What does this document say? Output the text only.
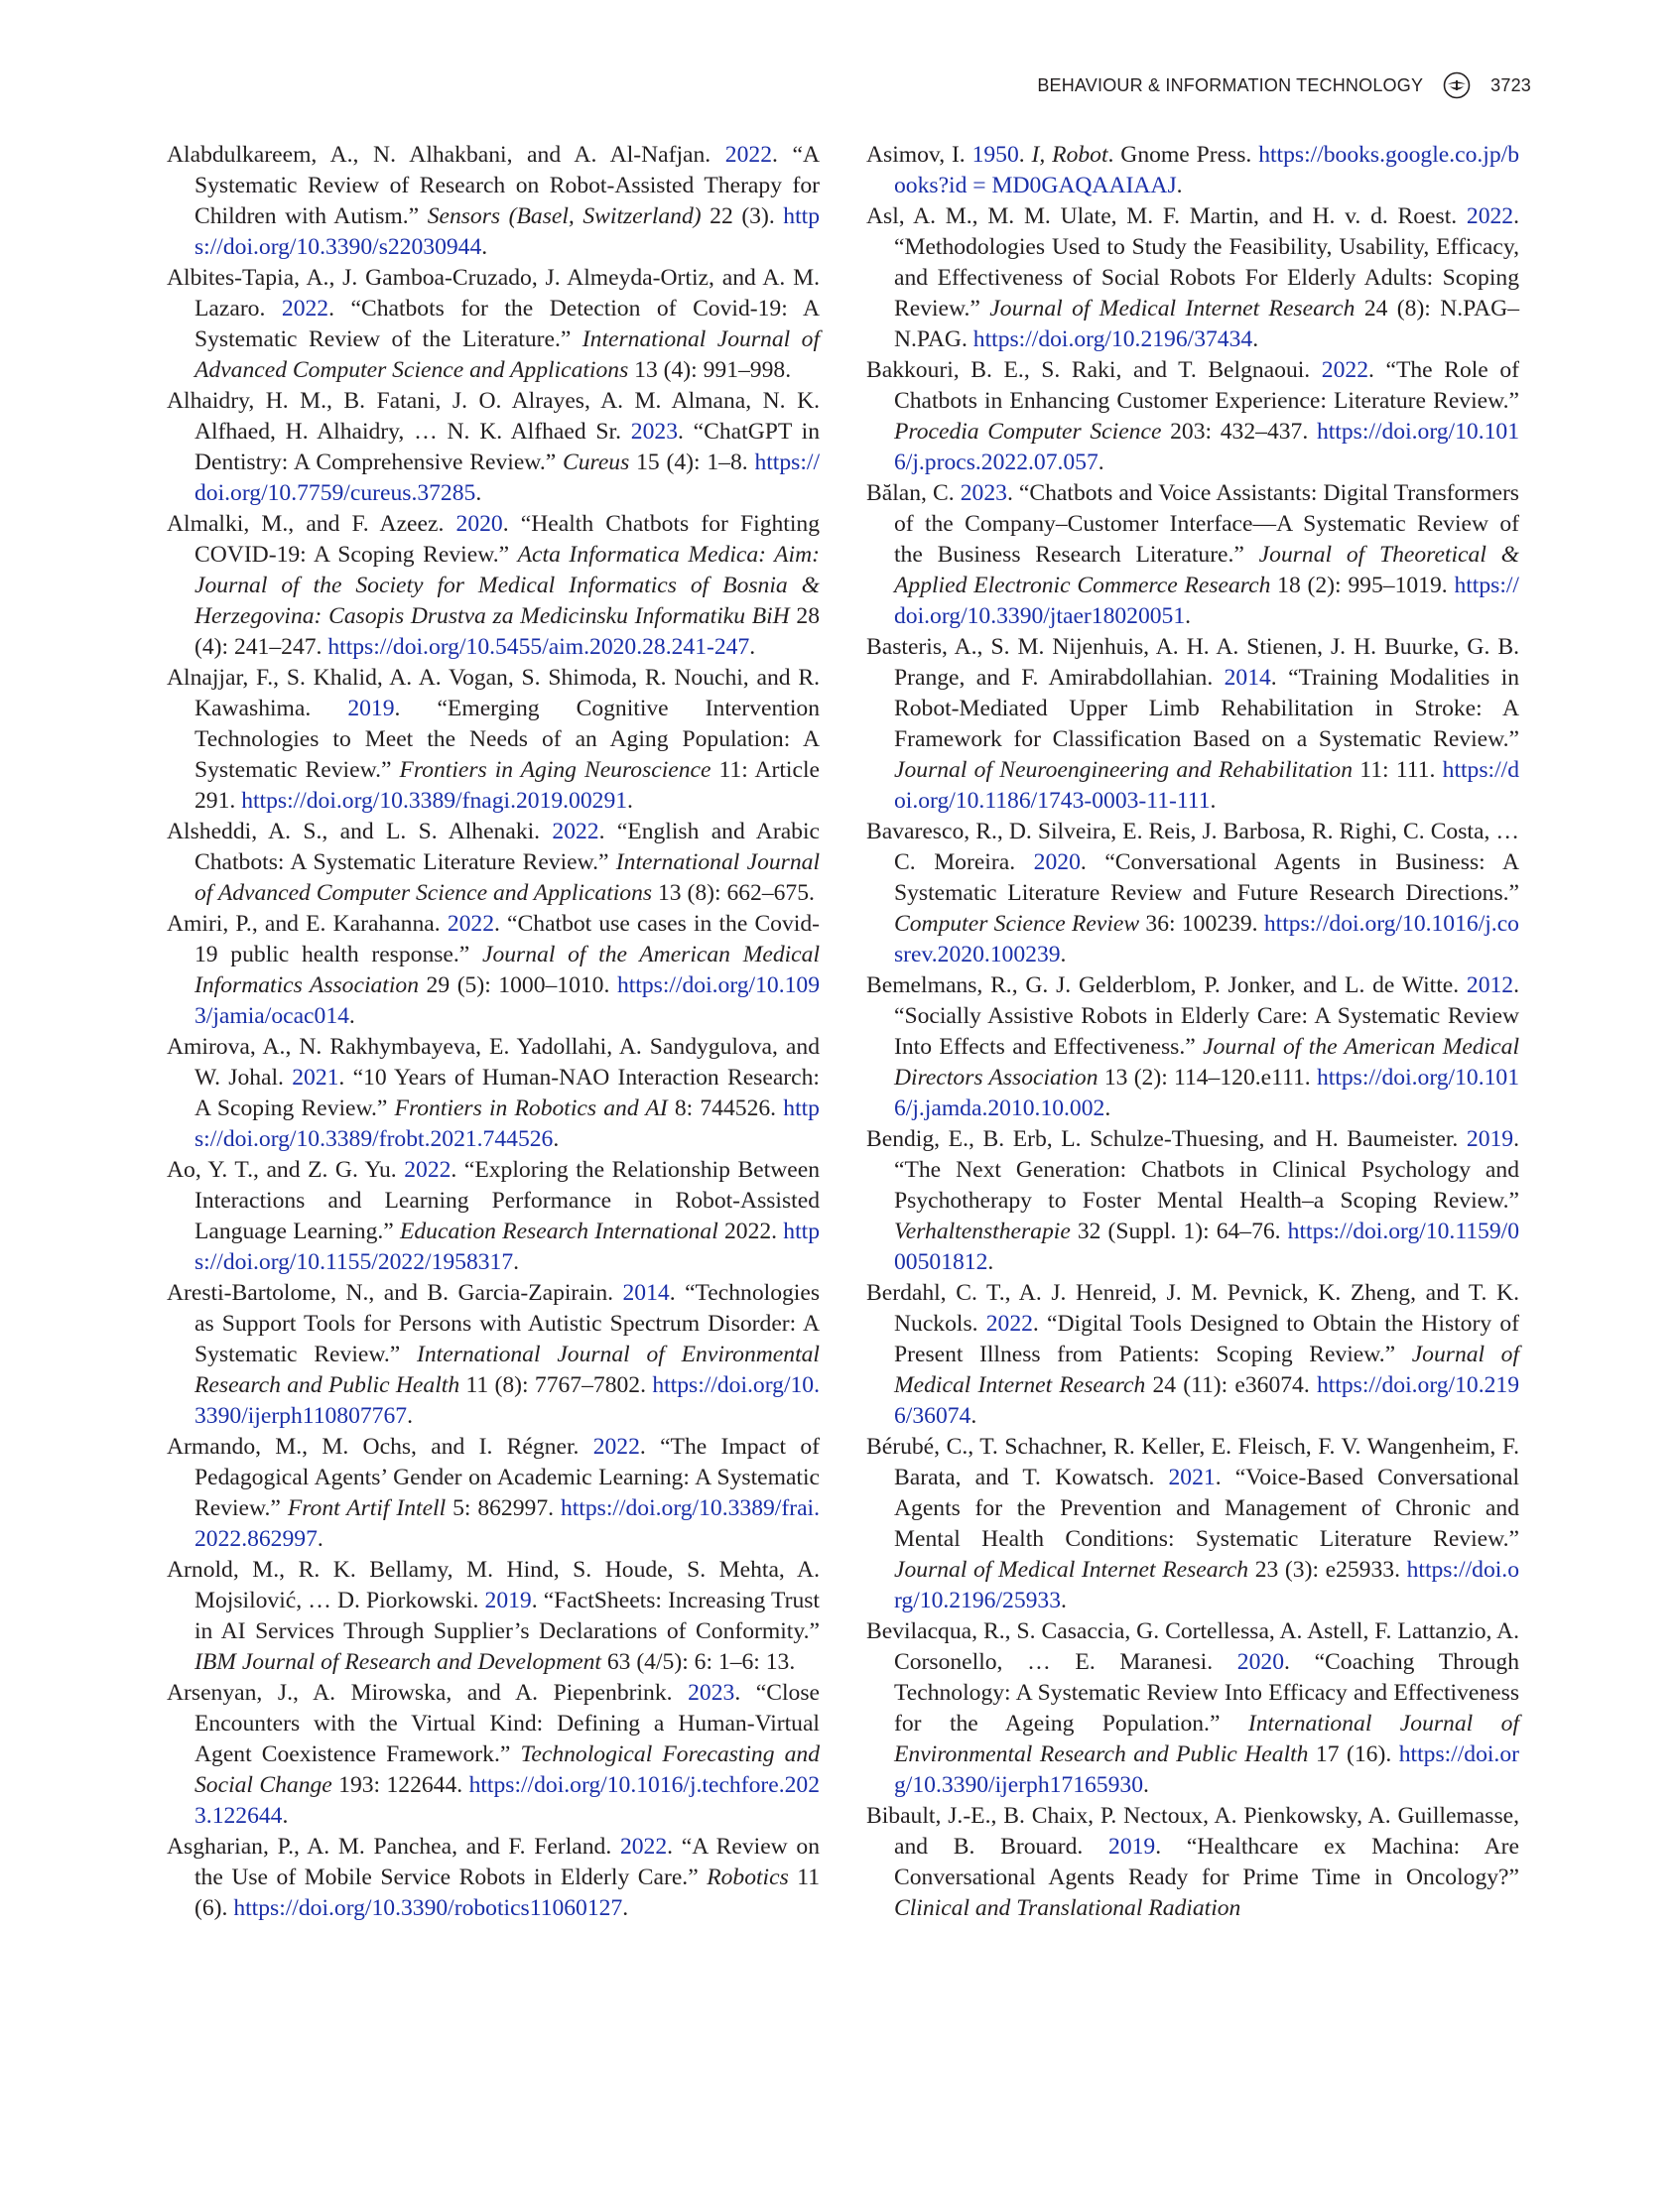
BEHAVIOUR & INFORMATION TECHNOLOGY	3723

Alabdulkareem, A., N. Alhakbani, and A. Al-Nafjan. 2022. “A Systematic Review of Research on Robot-Assisted Therapy for Children with Autism.” Sensors (Basel, Switzerland) 22 (3). https://doi.org/10.3390/s22030944.

Albites-Tapia, A., J. Gamboa-Cruzado, J. Almeyda-Ortiz, and A. M. Lazaro. 2022. “Chatbots for the Detection of Covid-19: A Systematic Review of the Literature.” International Journal of Advanced Computer Science and Applications 13 (4): 991–998.

Alhaidry, H. M., B. Fatani, J. O. Alrayes, A. M. Almana, N. K. Alfhaed, H. Alhaidry, … N. K. Alfhaed Sr. 2023. “ChatGPT in Dentistry: A Comprehensive Review.” Cureus 15 (4): 1–8. https://doi.org/10.7759/cureus.37285.

Almalki, M., and F. Azeez. 2020. “Health Chatbots for Fighting COVID-19: A Scoping Review.” Acta Informatica Medica: Aim: Journal of the Society for Medical Informatics of Bosnia & Herzegovina: Casopis Drustva za Medicinsku Informatiku BiH 28 (4): 241–247. https://doi.org/10.5455/aim.2020.28.241-247.

Alnajjar, F., S. Khalid, A. A. Vogan, S. Shimoda, R. Nouchi, and R. Kawashima. 2019. “Emerging Cognitive Intervention Technologies to Meet the Needs of an Aging Population: A Systematic Review.” Frontiers in Aging Neuroscience 11: Article 291. https://doi.org/10.3389/fnagi.2019.00291.

Alsheddi, A. S., and L. S. Alhenaki. 2022. “English and Arabic Chatbots: A Systematic Literature Review.” International Journal of Advanced Computer Science and Applications 13 (8): 662–675.

Amiri, P., and E. Karahanna. 2022. “Chatbot use cases in the Covid-19 public health response.” Journal of the American Medical Informatics Association 29 (5): 1000–1010. https://doi.org/10.1093/jamia/ocac014.

Amirova, A., N. Rakhymbayeva, E. Yadollahi, A. Sandygulova, and W. Johal. 2021. “10 Years of Human-NAO Interaction Research: A Scoping Review.” Frontiers in Robotics and AI 8: 744526. https://doi.org/10.3389/frobt.2021.744526.

Ao, Y. T., and Z. G. Yu. 2022. “Exploring the Relationship Between Interactions and Learning Performance in Robot-Assisted Language Learning.” Education Research International 2022. https://doi.org/10.1155/2022/1958317.

Aresti-Bartolome, N., and B. Garcia-Zapirain. 2014. “Technologies as Support Tools for Persons with Autistic Spectrum Disorder: A Systematic Review.” International Journal of Environmental Research and Public Health 11 (8): 7767–7802. https://doi.org/10.3390/ijerph110807767.

Armando, M., M. Ochs, and I. Régner. 2022. “The Impact of Pedagogical Agents’ Gender on Academic Learning: A Systematic Review.” Front Artif Intell 5: 862997. https://doi.org/10.3389/frai.2022.862997.

Arnold, M., R. K. Bellamy, M. Hind, S. Houde, S. Mehta, A. Mojsilović, … D. Piorkowski. 2019. “FactSheets: Increasing Trust in AI Services Through Supplier’s Declarations of Conformity.” IBM Journal of Research and Development 63 (4/5): 6: 1–6: 13.

Arsenyan, J., A. Mirowska, and A. Piepenbrink. 2023. “Close Encounters with the Virtual Kind: Defining a Human-Virtual Agent Coexistence Framework.” Technological Forecasting and Social Change 193: 122644. https://doi.org/10.1016/j.techfore.2023.122644.

Asgharian, P., A. M. Panchea, and F. Ferland. 2022. “A Review on the Use of Mobile Service Robots in Elderly Care.” Robotics 11 (6). https://doi.org/10.3390/robotics11060127.

Asimov, I. 1950. I, Robot. Gnome Press. https://books.google.co.jp/books?id = MD0GAQAAIAAJ.

Asl, A. M., M. M. Ulate, M. F. Martin, and H. v. d. Roest. 2022. “Methodologies Used to Study the Feasibility, Usability, Efficacy, and Effectiveness of Social Robots For Elderly Adults: Scoping Review.” Journal of Medical Internet Research 24 (8): N.PAG–N.PAG. https://doi.org/10.2196/37434.

Bakkouri, B. E., S. Raki, and T. Belgnaoui. 2022. “The Role of Chatbots in Enhancing Customer Experience: Literature Review.” Procedia Computer Science 203: 432–437. https://doi.org/10.1016/j.procs.2022.07.057.

Bălan, C. 2023. “Chatbots and Voice Assistants: Digital Transformers of the Company–Customer Interface—A Systematic Review of the Business Research Literature.” Journal of Theoretical & Applied Electronic Commerce Research 18 (2): 995–1019. https://doi.org/10.3390/jtaer18020051.

Basteris, A., S. M. Nijenhuis, A. H. A. Stienen, J. H. Buurke, G. B. Prange, and F. Amirabdollahian. 2014. “Training Modalities in Robot-Mediated Upper Limb Rehabilitation in Stroke: A Framework for Classification Based on a Systematic Review.” Journal of Neuroengineering and Rehabilitation 11: 111. https://doi.org/10.1186/1743-0003-11-111.

Bavaresco, R., D. Silveira, E. Reis, J. Barbosa, R. Righi, C. Costa, … C. Moreira. 2020. “Conversational Agents in Business: A Systematic Literature Review and Future Research Directions.” Computer Science Review 36: 100239. https://doi.org/10.1016/j.cosrev.2020.100239.

Bemelmans, R., G. J. Gelderblom, P. Jonker, and L. de Witte. 2012. “Socially Assistive Robots in Elderly Care: A Systematic Review Into Effects and Effectiveness.” Journal of the American Medical Directors Association 13 (2): 114–120.e111. https://doi.org/10.1016/j.jamda.2010.10.002.

Bendig, E., B. Erb, L. Schulze-Thuesing, and H. Baumeister. 2019. “The Next Generation: Chatbots in Clinical Psychology and Psychotherapy to Foster Mental Health–a Scoping Review.” Verhaltenstherapie 32 (Suppl. 1): 64–76. https://doi.org/10.1159/000501812.

Berdahl, C. T., A. J. Henreid, J. M. Pevnick, K. Zheng, and T. K. Nuckols. 2022. “Digital Tools Designed to Obtain the History of Present Illness from Patients: Scoping Review.” Journal of Medical Internet Research 24 (11): e36074. https://doi.org/10.2196/36074.

Bérubé, C., T. Schachner, R. Keller, E. Fleisch, F. V. Wangenheim, F. Barata, and T. Kowatsch. 2021. “Voice-Based Conversational Agents for the Prevention and Management of Chronic and Mental Health Conditions: Systematic Literature Review.” Journal of Medical Internet Research 23 (3): e25933. https://doi.org/10.2196/25933.

Bevilacqua, R., S. Casaccia, G. Cortellessa, A. Astell, F. Lattanzio, A. Corsonello, … E. Maranesi. 2020. “Coaching Through Technology: A Systematic Review Into Efficacy and Effectiveness for the Ageing Population.” International Journal of Environmental Research and Public Health 17 (16). https://doi.org/10.3390/ijerph17165930.

Bibault, J.-E., B. Chaix, P. Nectoux, A. Pienkowsky, A. Guillemasse, and B. Brouard. 2019. “Healthcare ex Machina: Are Conversational Agents Ready for Prime Time in Oncology?” Clinical and Translational Radiation
